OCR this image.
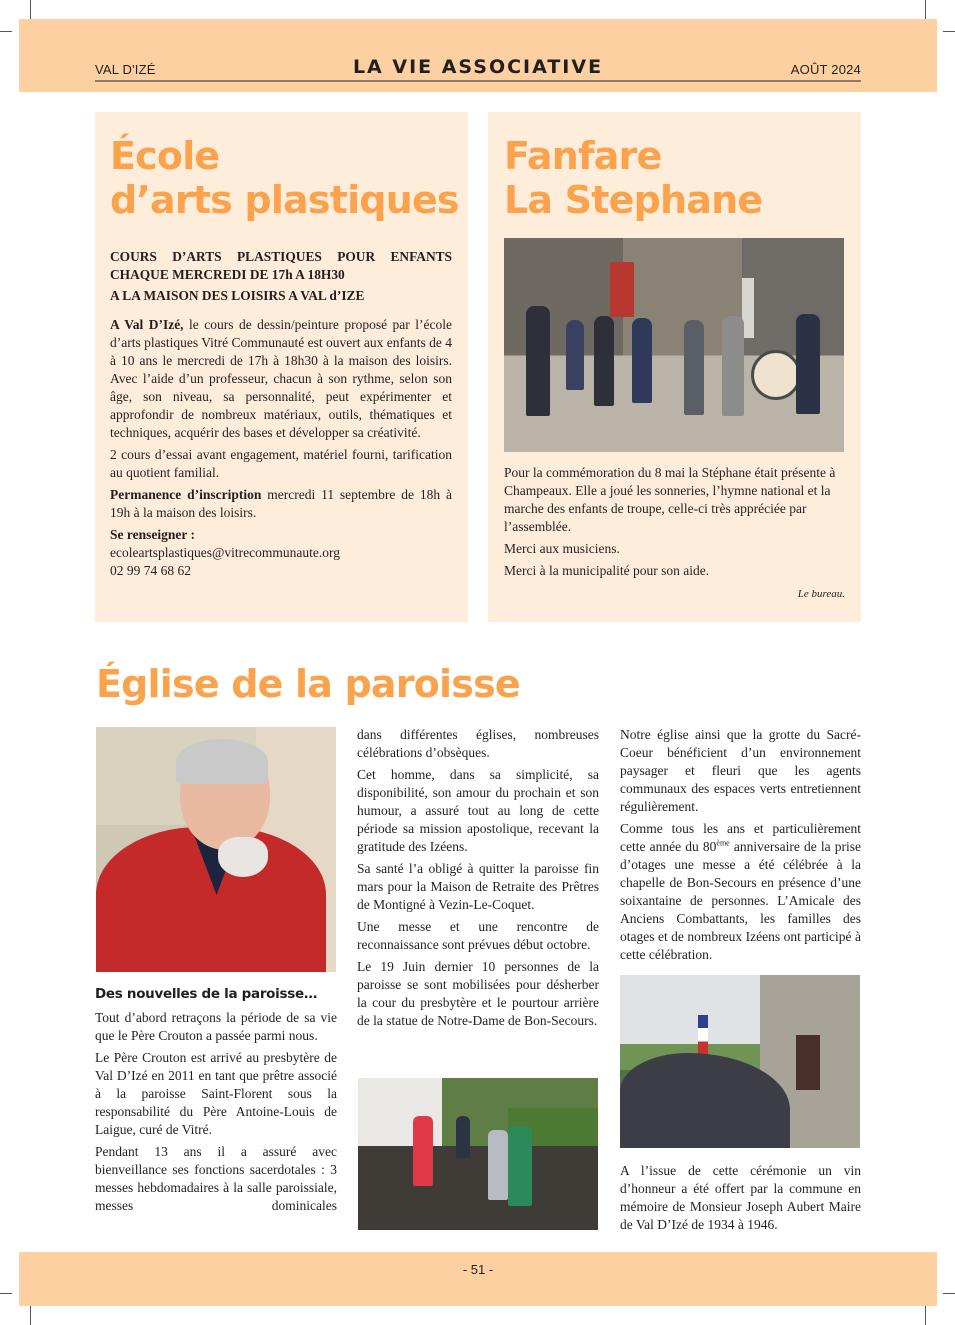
VAL D'IZÉ	LA VIE ASSOCIATIVE	AOÛT 2024
École
d’arts plastiques

COURS D’ARTS PLASTIQUES POUR ENFANTS

CHAQUE MERCREDI DE 17h A 18H30

A LA MAISON DES LOISIRS A VAL d’IZE

A Val D’Izé, le cours de dessin/peinture proposé par l’école d’arts plastiques Vitré Communauté est ouvert aux enfants de 4 à 10 ans le mercredi de 17h à 18h30 à la maison des loisirs. Avec l’aide d’un professeur, chacun à son rythme, selon son âge, son niveau, sa personnalité, peut expérimenter et approfondir de nombreux matériaux, outils, thématiques et techniques, acquérir des bases et développer sa créativité.

2 cours d’essai avant engagement, matériel fourni, tarification au quotient familial.

Permanence d’inscription mercredi 11 septembre de 18h à 19h à la maison des loisirs.

Se renseigner :
ecoleartsplastiques@vitrecommunaute.org
02 99 74 68 62

Fanfare
La Stephane

Pour la commémoration du 8 mai la Stéphane était présente à Champeaux. Elle a joué les sonneries, l’hymne national et la marche des enfants de troupe, celle-ci très appréciée par l’assemblée.

Merci aux musiciens.

Merci à la municipalité pour son aide.

Le bureau.

Église de la paroisse
Des nouvelles de la paroisse…

Tout d’abord retraçons la période de sa vie que le Père Crouton a passée parmi nous.

Le Père Crouton est arrivé au presbytère de Val D’Izé en 2011 en tant que prêtre associé à la paroisse Saint-Florent sous la responsabilité du Père Antoine-Louis de Laigue, curé de Vitré.

Pendant 13 ans il a assuré avec bienveillance ses fonctions sacerdotales : 3 messes hebdomadaires à la salle paroissiale, messes dominicales

dans différentes églises, nombreuses célébrations d’obsèques.

Cet homme, dans sa simplicité, sa disponibilité, son amour du prochain et son humour, a assuré tout au long de cette période sa mission apostolique, recevant la gratitude des Izéens.

Sa santé l’a obligé à quitter la paroisse fin mars pour la Maison de Retraite des Prêtres de Montigné à Vezin-Le-Coquet.

Une messe et une rencontre de reconnaissance sont prévues début octobre.

Le 19 Juin dernier 10 personnes de la paroisse se sont mobilisées pour désherber la cour du presbytère et le pourtour arrière de la statue de Notre-Dame de Bon-Secours.

Notre église ainsi que la grotte du Sacré-Coeur bénéficient d’un environnement paysager et fleuri que les agents communaux des espaces verts entretiennent régulièrement.

Comme tous les ans et particulièrement cette année du 80ème anniversaire de la prise d’otages une messe a été célébrée à la chapelle de Bon-Secours en présence d’une soixantaine de personnes. L’Amicale des Anciens Combattants, les familles des otages et de nombreux Izéens ont participé à cette célébration.

A l’issue de cette cérémonie un vin d’honneur a été offert par la commune en mémoire de Monsieur Joseph Aubert Maire de Val D’Izé de 1934 à 1946.

- 51 -
